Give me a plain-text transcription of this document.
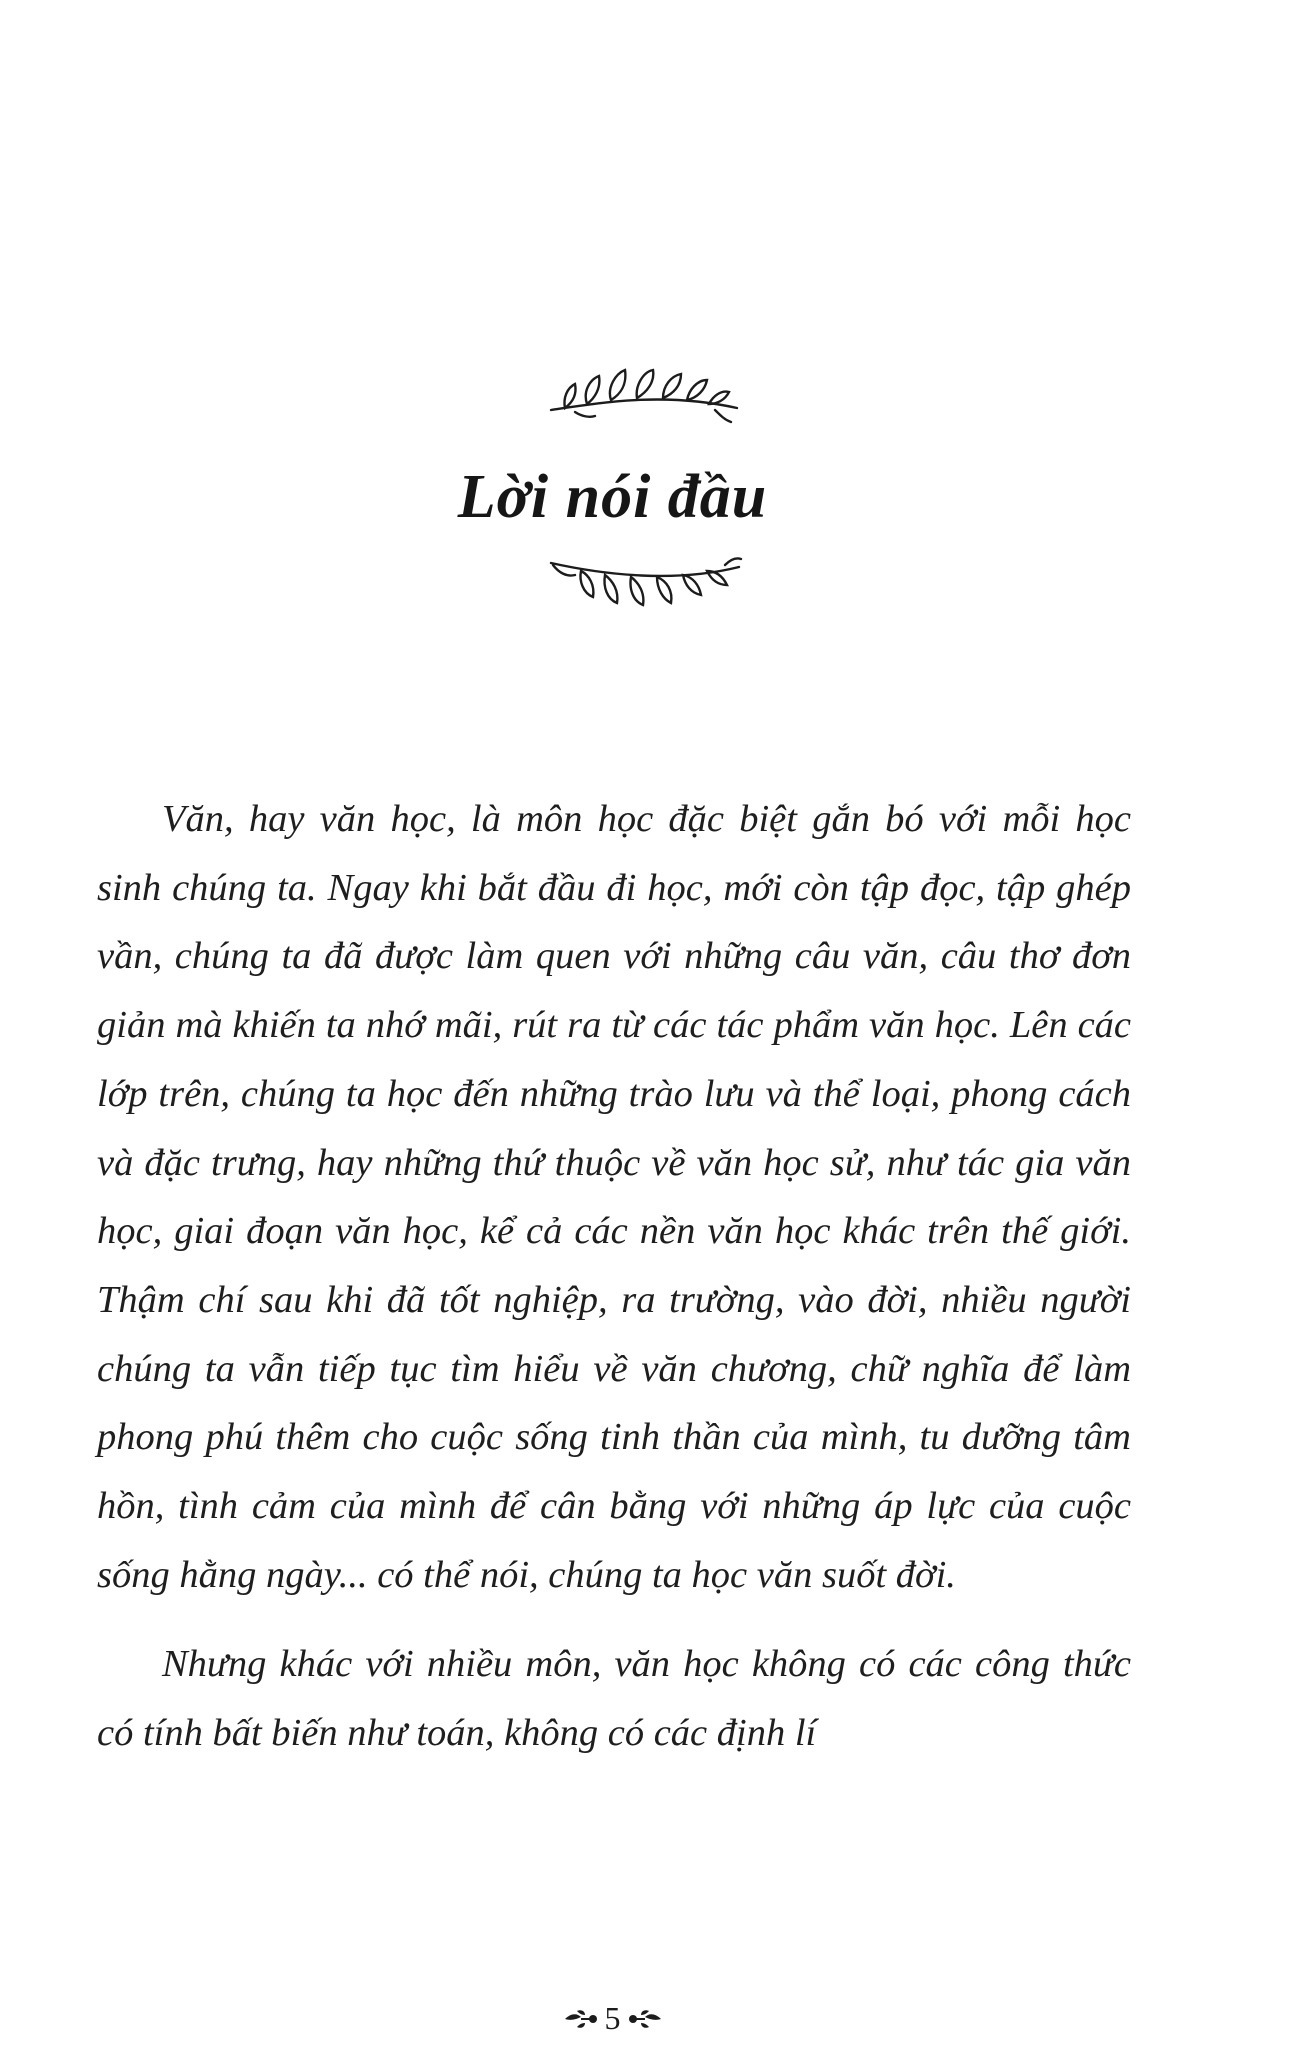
Lời nói đầu

Văn, hay văn học, là môn học đặc biệt gắn bó với mỗi học sinh chúng ta. Ngay khi bắt đầu đi học, mới còn tập đọc, tập ghép vần, chúng ta đã được làm quen với những câu văn, câu thơ đơn giản mà khiến ta nhớ mãi, rút ra từ các tác phẩm văn học. Lên các lớp trên, chúng ta học đến những trào lưu và thể loại, phong cách và đặc trưng, hay những thứ thuộc về văn học sử, như tác gia văn học, giai đoạn văn học, kể cả các nền văn học khác trên thế giới. Thậm chí sau khi đã tốt nghiệp, ra trường, vào đời, nhiều người chúng ta vẫn tiếp tục tìm hiểu về văn chương, chữ nghĩa để làm phong phú thêm cho cuộc sống tinh thần của mình, tu dưỡng tâm hồn, tình cảm của mình để cân bằng với những áp lực của cuộc sống hằng ngày... có thể nói, chúng ta học văn suốt đời.

Nhưng khác với nhiều môn, văn học không có các công thức có tính bất biến như toán, không có các định lí

5
